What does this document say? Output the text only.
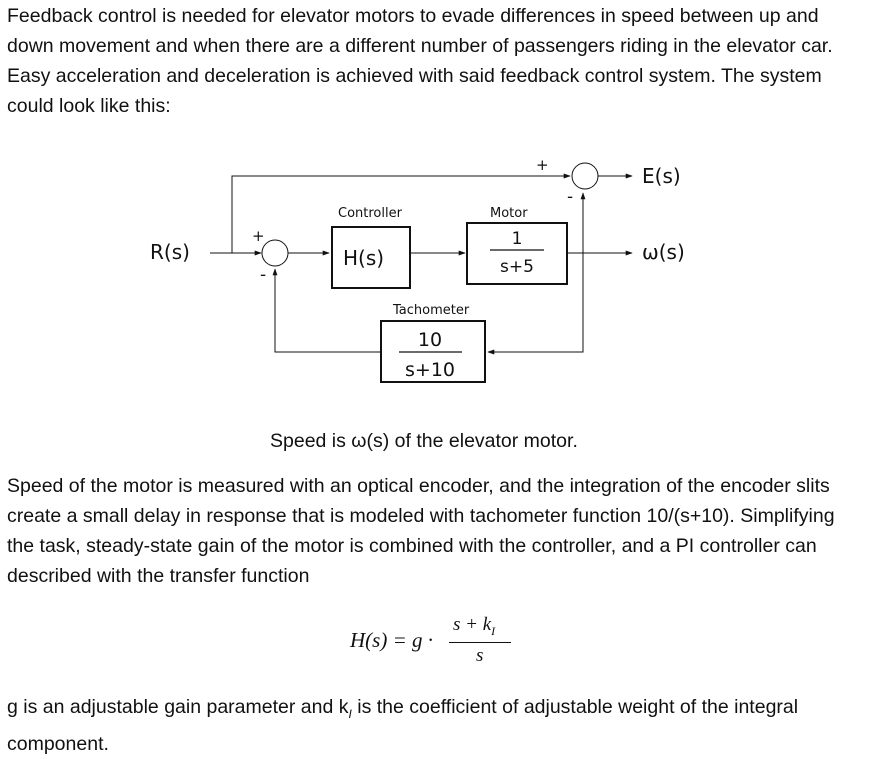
Feedback control is needed for elevator motors to evade differences in speed between up and down movement and when there are a different number of passengers riding in the elevator car. Easy acceleration and deceleration is achieved with said feedback control system. The system could look like this:

R(s)	ω(s)
E(s)
Controller
H(s)
Motor
1
s+5
Tachometer
10
s+10
+
-
+
-

Speed is ω(s) of the elevator motor.

Speed of the motor is measured with an optical encoder, and the integration of the encoder slits create a small delay in response that is modeled with tachometer function 10/(s+10). Simplifying the task, steady-state gain of the motor is combined with the controller, and a PI controller can described with the transfer function

H(s) = g ·
$s + k_I$
s

g is an adjustable gain parameter and $k_I$ is the coefficient of adjustable weight of the integral component.
